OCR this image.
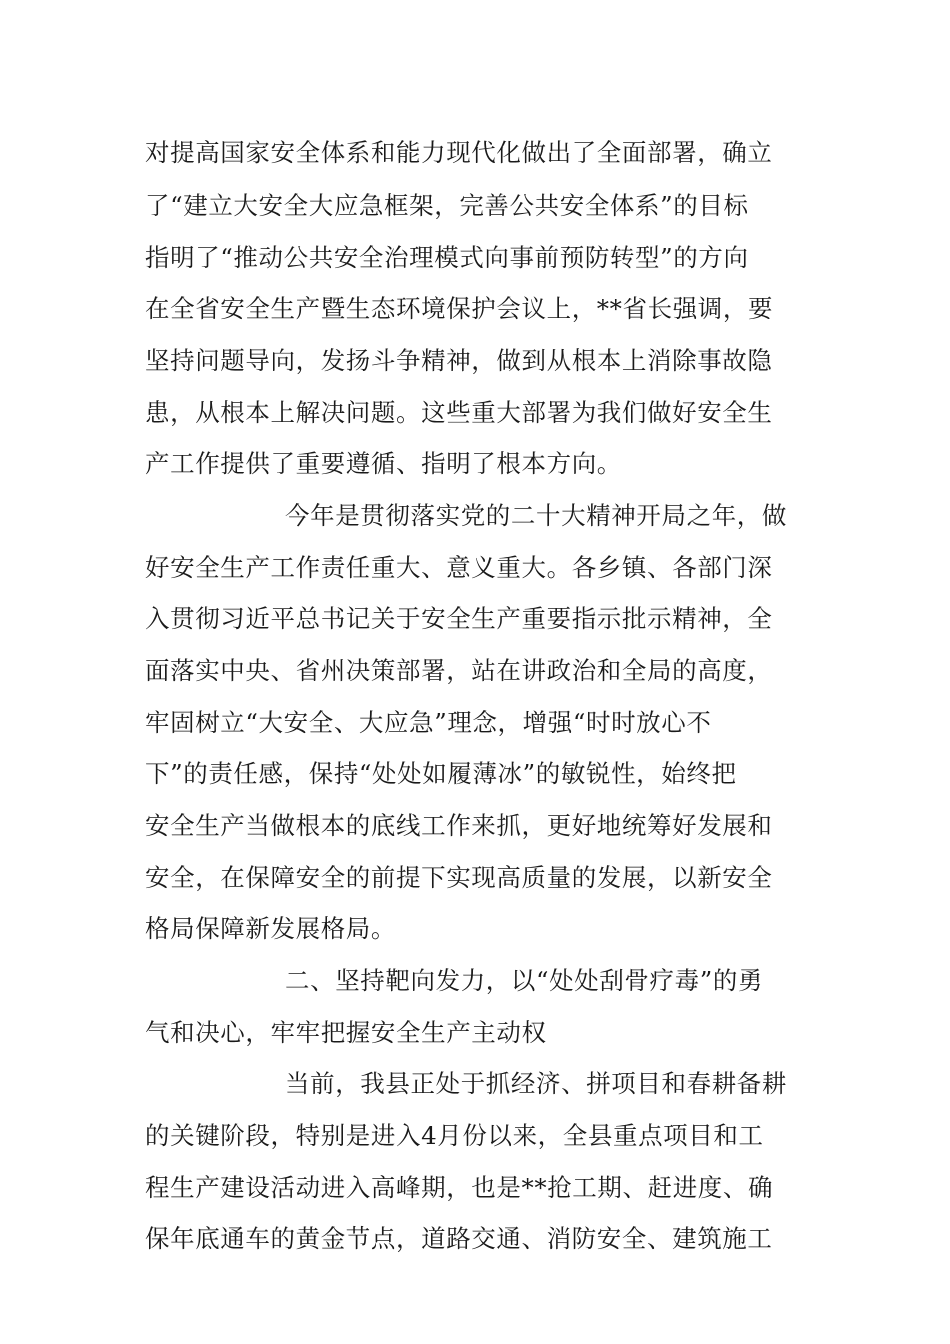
对提高国家安全体系和能力现代化做出了全面部署，确立
了“建立大安全大应急框架，完善公共安全体系”的目标
指明了“推动公共安全治理模式向事前预防转型”的方向
在全省安全生产暨生态环境保护会议上，**省长强调，要
坚持问题导向，发扬斗争精神，做到从根本上消除事故隐
患，从根本上解决问题。这些重大部署为我们做好安全生
产工作提供了重要遵循、指明了根本方向。
今年是贯彻落实党的二十大精神开局之年，做
好安全生产工作责任重大、意义重大。各乡镇、各部门深
入贯彻习近平总书记关于安全生产重要指示批示精神，全
面落实中央、省州决策部署，站在讲政治和全局的高度，
牢固树立“大安全、大应急”理念，增强“时时放心不
下”的责任感，保持“处处如履薄冰”的敏锐性，始终把
安全生产当做根本的底线工作来抓，更好地统筹好发展和
安全，在保障安全的前提下实现高质量的发展，以新安全
格局保障新发展格局。
二、坚持靶向发力，以“处处刮骨疗毒”的勇
气和决心，牢牢把握安全生产主动权
当前，我县正处于抓经济、拼项目和春耕备耕
的关键阶段，特别是进入4月份以来，全县重点项目和工
程生产建设活动进入高峰期，也是**抢工期、赶进度、确
保年底通车的黄金节点，道路交通、消防安全、建筑施工
